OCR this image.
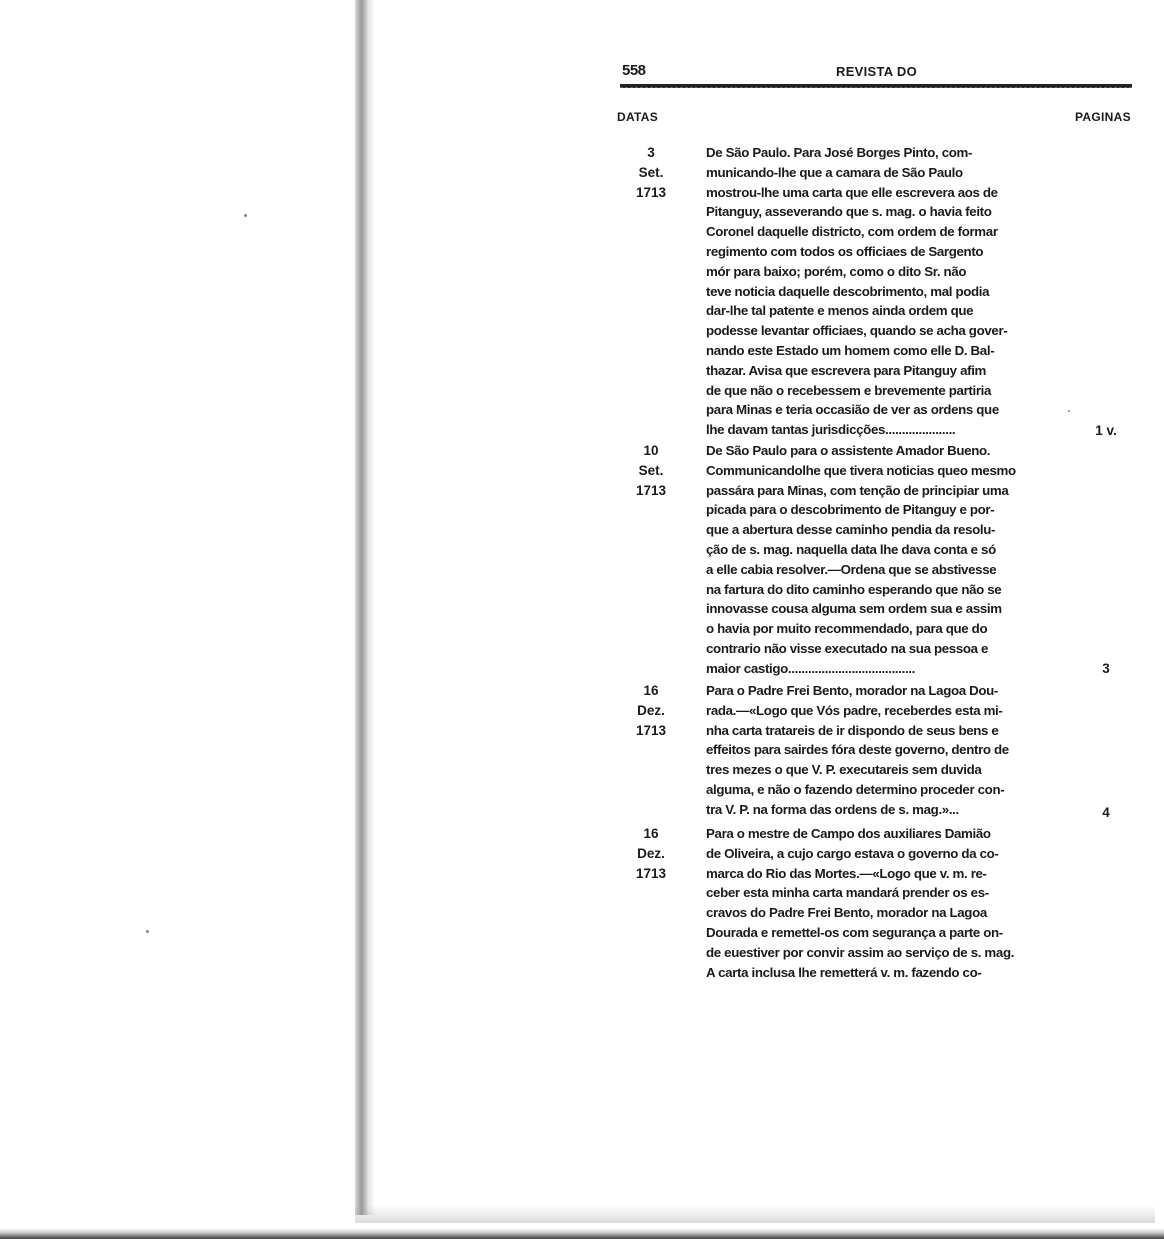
558	REVISTA DO
DATAS	PAGINAS
3
Set.
1713
De São Paulo. Para José Borges Pinto, com-
municando-lhe que a camara de São Paulo
mostrou-lhe uma carta que elle escrevera aos de
Pitanguy, asseverando que s. mag. o havia feito
Coronel daquelle districto, com ordem de formar
regimento com todos os officiaes de Sargento
mór para baixo; porém, como o dito Sr. não
teve noticia daquelle descobrimento, mal podia
dar-lhe tal patente e menos ainda ordem que
podesse levantar officiaes, quando se acha gover-
nando este Estado um homem como elle D. Bal-
thazar. Avisa que escrevera para Pitanguy afim
de que não o recebessem e brevemente partiria
para Minas e teria occasião de ver as ordens que
lhe davam tantas jurisdicções.....................	1 v.
10
Set.
1713
De São Paulo para o assistente Amador Bueno.
Communicandolhe que tivera noticias queo mesmo
passára para Minas, com tenção de principiar uma
picada para o descobrimento de Pitanguy e por-
que a abertura desse caminho pendia da resolu-
ção de s. mag. naquella data lhe dava conta e só
a elle cabia resolver.—Ordena que se abstivesse
na fartura do dito caminho esperando que não se
innovasse cousa alguma sem ordem sua e assim
o havia por muito recommendado, para que do
contrario não visse executado na sua pessoa e
maior castigo......................................	3
16
Dez.
1713
Para o Padre Frei Bento, morador na Lagoa Dou-
rada.—«Logo que Vós padre, receberdes esta mi-
nha carta tratareis de ir dispondo de seus bens e
effeitos para sairdes fóra deste governo, dentro de
tres mezes o que V. P. executareis sem duvida
alguma, e não o fazendo determino proceder con-
tra V. P. na forma das ordens de s. mag.»...	4
16
Dez.
1713
Para o mestre de Campo dos auxiliares Damião
de Oliveira, a cujo cargo estava o governo da co-
marca do Rio das Mortes.—«Logo que v. m. re-
ceber esta minha carta mandará prender os es-
cravos do Padre Frei Bento, morador na Lagoa
Dourada e remettel-os com segurança a parte on-
de euestiver por convir assim ao serviço de s. mag.
A carta inclusa lhe remetterá v. m. fazendo co-
